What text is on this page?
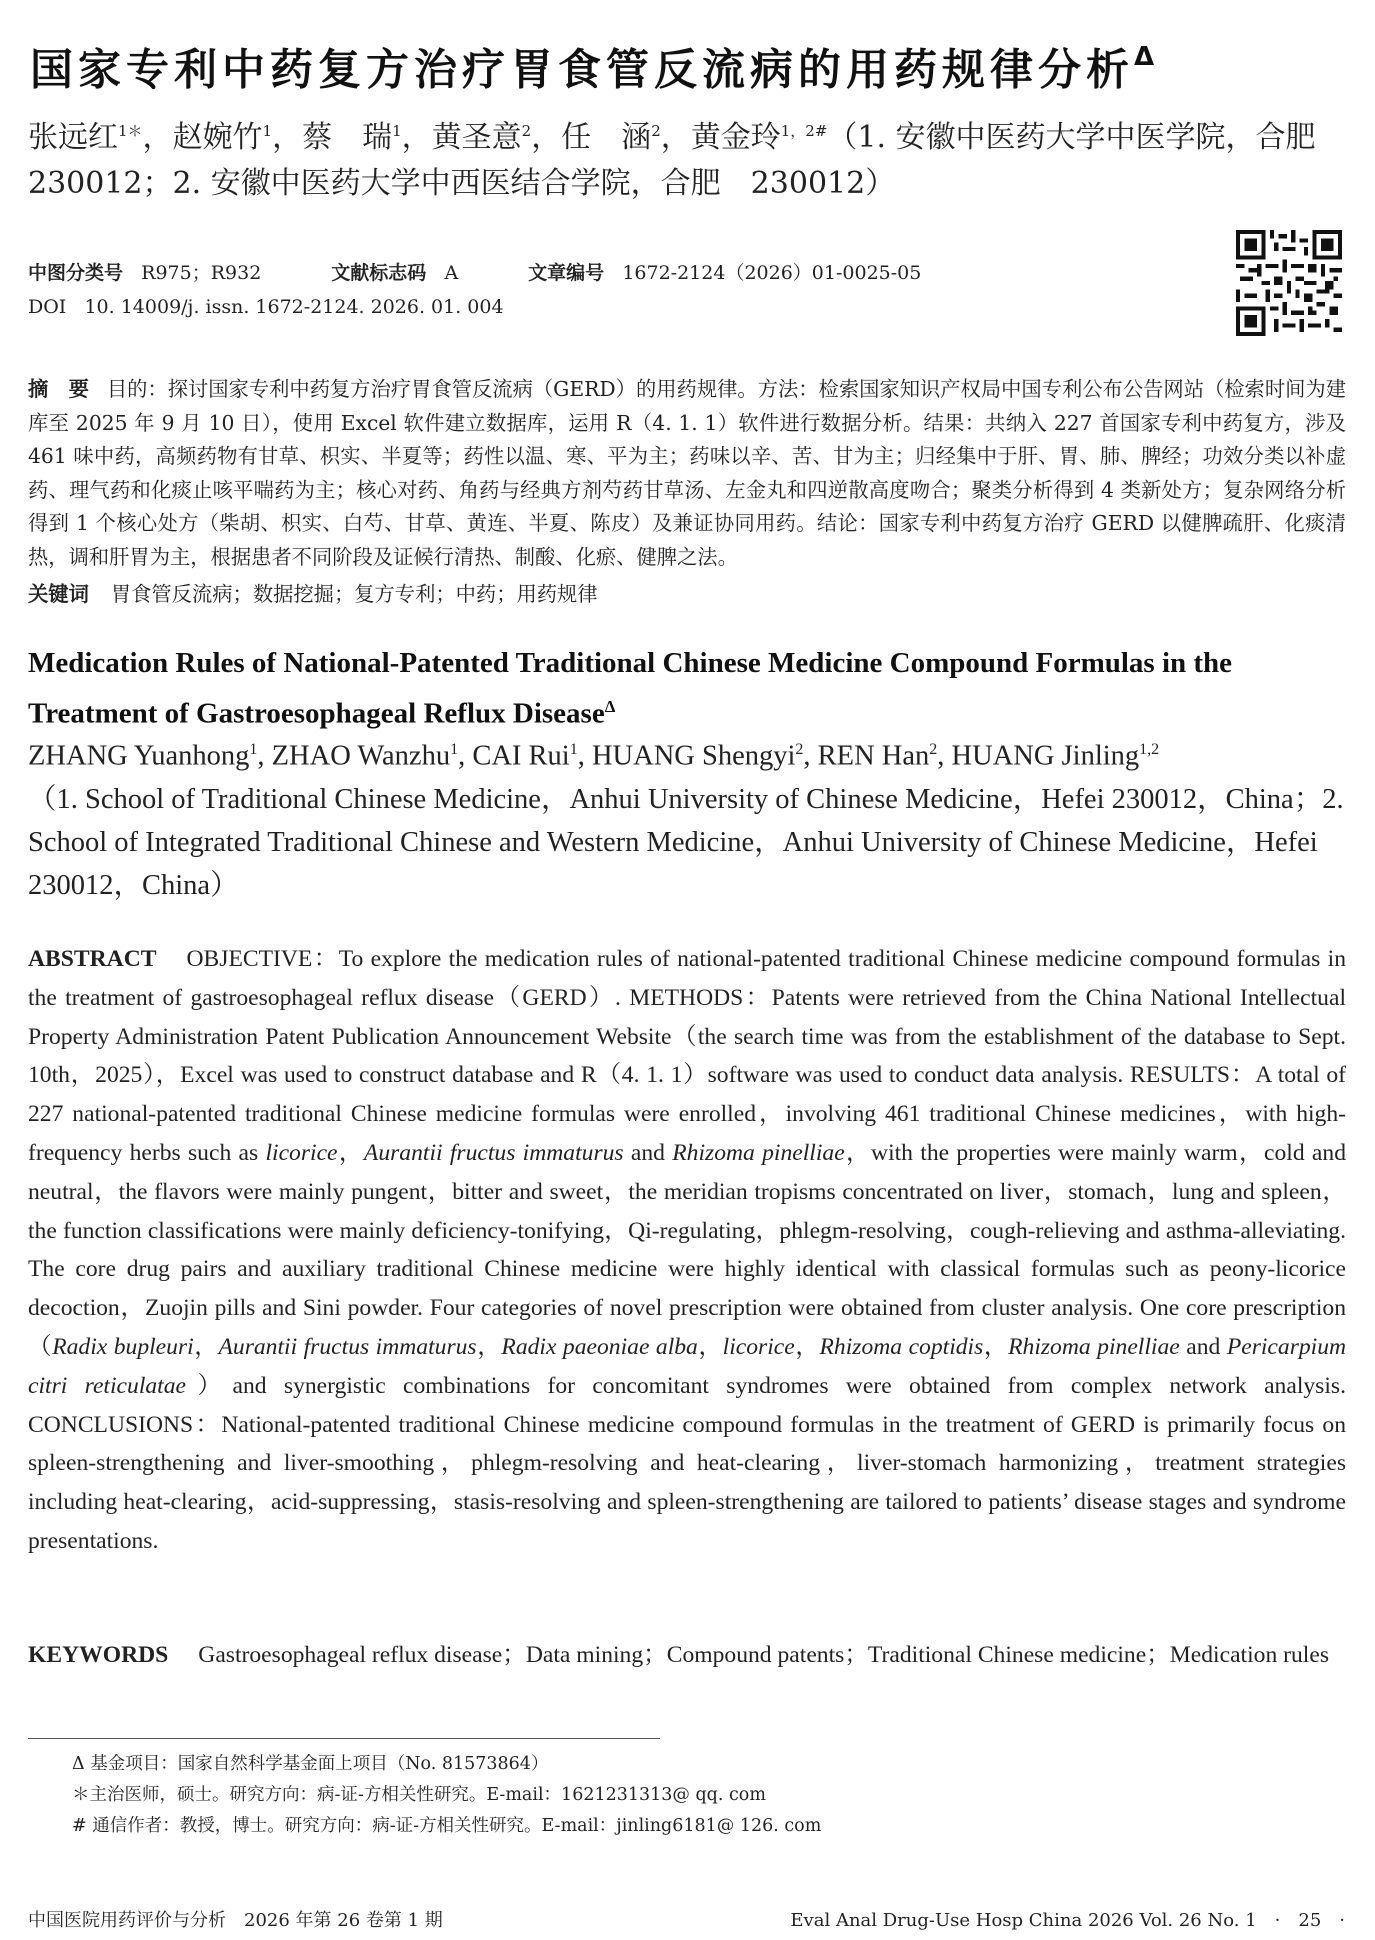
国家专利中药复方治疗胃食管反流病的用药规律分析$^\Delta$
张远红$^{1*}$，赵婉竹$^1$，蔡　瑞$^1$，黄圣意$^2$，任　涵$^2$，黄金玲$^{1,2\#}$（1. 安徽中医药大学中医学院，合肥　230012；2. 安徽中医药大学中西医结合学院，合肥　230012）
中图分类号 R975；R932	文献标志码 A	文章编号 1672-2124（2026）01-0025-05
DOI 10. 14009/j. issn. 1672-2124. 2026. 01. 004
摘　要 目的：探讨国家专利中药复方治疗胃食管反流病（GERD）的用药规律。方法：检索国家知识产权局中国专利公布公告网站（检索时间为建库至 2025 年 9 月 10 日），使用 Excel 软件建立数据库，运用 R（4. 1. 1）软件进行数据分析。结果：共纳入 227 首国家专利中药复方，涉及 461 味中药，高频药物有甘草、枳实、半夏等；药性以温、寒、平为主；药味以辛、苦、甘为主；归经集中于肝、胃、肺、脾经；功效分类以补虚药、理气药和化痰止咳平喘药为主；核心对药、角药与经典方剂芍药甘草汤、左金丸和四逆散高度吻合；聚类分析得到 4 类新处方；复杂网络分析得到 1 个核心处方（柴胡、枳实、白芍、甘草、黄连、半夏、陈皮）及兼证协同用药。结论：国家专利中药复方治疗 GERD 以健脾疏肝、化痰清热，调和肝胃为主，根据患者不同阶段及证候行清热、制酸、化瘀、健脾之法。
关键词 胃食管反流病；数据挖掘；复方专利；中药；用药规律
Medication Rules of National-Patented Traditional Chinese Medicine Compound Formulas in the Treatment of Gastroesophageal Reflux Disease$^\Delta$
ZHANG Yuanhong$^1$, ZHAO Wanzhu$^1$, CAI Rui$^1$, HUANG Shengyi$^2$, REN Han$^2$, HUANG Jinling$^{1,2}$
（1. School of Traditional Chinese Medicine，Anhui University of Chinese Medicine，Hefei 230012，China；2. School of Integrated Traditional Chinese and Western Medicine，Anhui University of Chinese Medicine，Hefei 230012，China）
ABSTRACT OBJECTIVE：To explore the medication rules of national-patented traditional Chinese medicine compound formulas in the treatment of gastroesophageal reflux disease（GERD）. METHODS：Patents were retrieved from the China National Intellectual Property Administration Patent Publication Announcement Website（the search time was from the establishment of the database to Sept. 10th，2025），Excel was used to construct database and R（4. 1. 1）software was used to conduct data analysis. RESULTS：A total of 227 national-patented traditional Chinese medicine formulas were enrolled，involving 461 traditional Chinese medicines，with high-frequency herbs such as licorice，Aurantii fructus immaturus and Rhizoma pinelliae，with the properties were mainly warm，cold and neutral，the flavors were mainly pungent，bitter and sweet，the meridian tropisms concentrated on liver，stomach，lung and spleen，the function classifications were mainly deficiency-tonifying，Qi-regulating，phlegm-resolving，cough-relieving and asthma-alleviating. The core drug pairs and auxiliary traditional Chinese medicine were highly identical with classical formulas such as peony-licorice decoction，Zuojin pills and Sini powder. Four categories of novel prescription were obtained from cluster analysis. One core prescription（Radix bupleuri，Aurantii fructus immaturus，Radix paeoniae alba，licorice，Rhizoma coptidis，Rhizoma pinelliae and Pericarpium citri reticulatae）and synergistic combinations for concomitant syndromes were obtained from complex network analysis. CONCLUSIONS：National-patented traditional Chinese medicine compound formulas in the treatment of GERD is primarily focus on spleen-strengthening and liver-smoothing，phlegm-resolving and heat-clearing，liver-stomach harmonizing，treatment strategies including heat-clearing，acid-suppressing，stasis-resolving and spleen-strengthening are tailored to patients’ disease stages and syndrome presentations.
KEYWORDS Gastroesophageal reflux disease；Data mining；Compound patents；Traditional Chinese medicine；Medication rules
Δ 基金项目：国家自然科学基金面上项目（No. 81573864）
＊主治医师，硕士。研究方向：病-证-方相关性研究。E-mail：1621231313@ qq. com
# 通信作者：教授，博士。研究方向：病-证-方相关性研究。E-mail：jinling6181@ 126. com
中国医院用药评价与分析　2026 年第 26 卷第 1 期	Eval Anal Drug-Use Hosp China 2026 Vol. 26 No. 1　·　25　·
